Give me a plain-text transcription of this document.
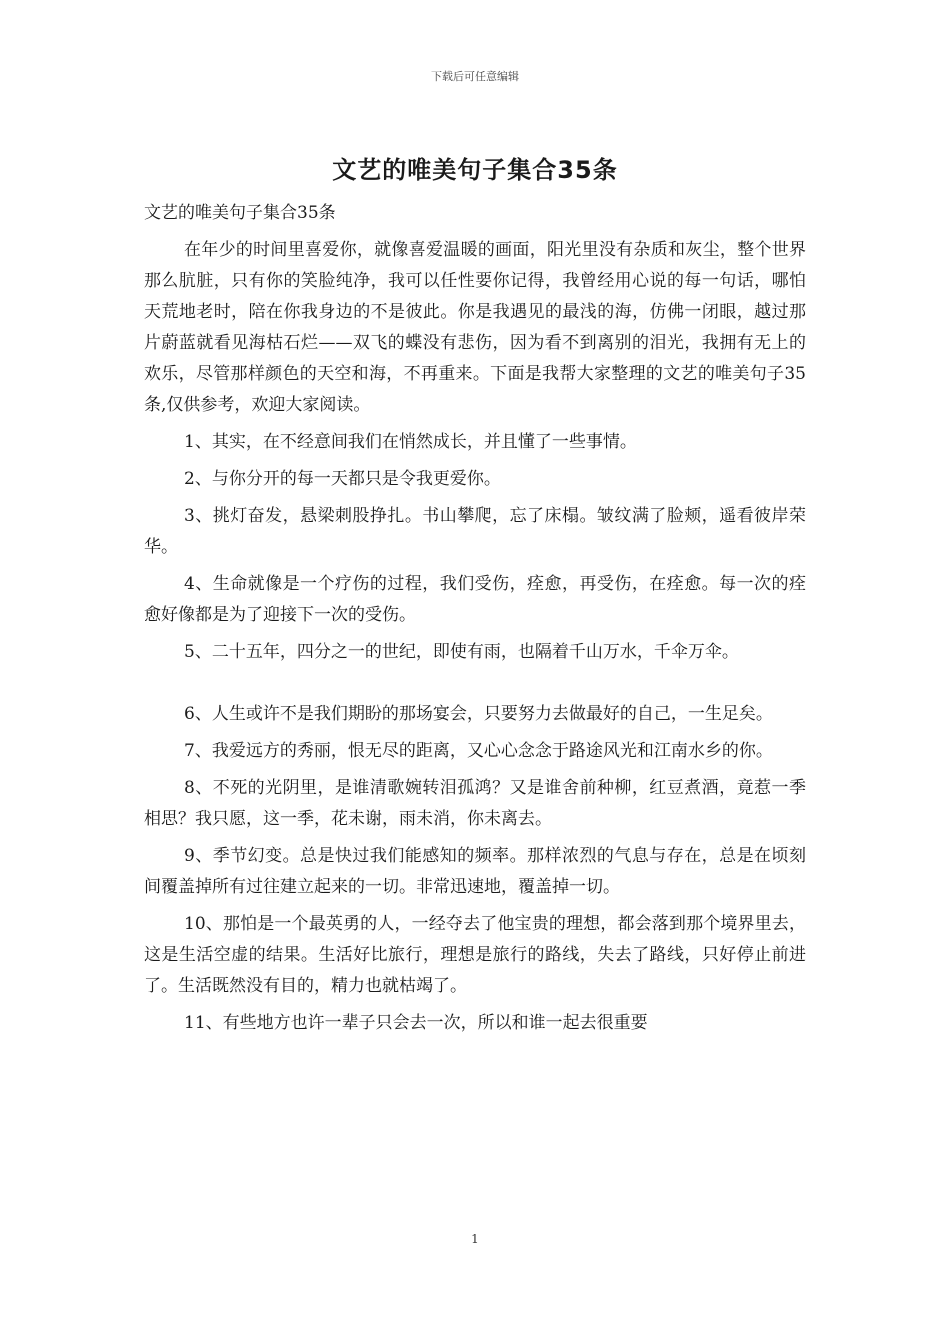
下载后可任意编辑
文艺的唯美句子集合35条

文艺的唯美句子集合35条

在年少的时间里喜爱你，就像喜爱温暖的画面，阳光里没有杂质和灰尘，整个世界那么肮脏，只有你的笑脸纯净，我可以任性要你记得，我曾经用心说的每一句话，哪怕天荒地老时，陪在你我身边的不是彼此。你是我遇见的最浅的海，仿佛一闭眼，越过那片蔚蓝就看见海枯石烂——双飞的蝶没有悲伤，因为看不到离别的泪光，我拥有无上的欢乐，尽管那样颜色的天空和海，不再重来。下面是我帮大家整理的文艺的唯美句子35条,仅供参考，欢迎大家阅读。

1、其实，在不经意间我们在悄然成长，并且懂了一些事情。

2、与你分开的每一天都只是令我更爱你。

3、挑灯奋发，悬梁刺股挣扎。书山攀爬，忘了床榻。皱纹满了脸颊，遥看彼岸荣华。

4、生命就像是一个疗伤的过程，我们受伤，痊愈，再受伤，在痊愈。每一次的痊愈好像都是为了迎接下一次的受伤。

5、二十五年，四分之一的世纪，即使有雨，也隔着千山万水，千伞万伞。

6、人生或许不是我们期盼的那场宴会，只要努力去做最好的自己，一生足矣。

7、我爱远方的秀丽，恨无尽的距离，又心心念念于路途风光和江南水乡的你。

8、不死的光阴里，是谁清歌婉转泪孤鸿？又是谁舍前种柳，红豆煮酒，竟惹一季相思？我只愿，这一季，花未谢，雨未消，你未离去。

9、季节幻变。总是快过我们能感知的频率。那样浓烈的气息与存在，总是在顷刻间覆盖掉所有过往建立起来的一切。非常迅速地，覆盖掉一切。

10、那怕是一个最英勇的人，一经夺去了他宝贵的理想，都会落到那个境界里去，这是生活空虚的结果。生活好比旅行，理想是旅行的路线，失去了路线，只好停止前进了。生活既然没有目的，精力也就枯竭了。

11、有些地方也许一辈子只会去一次，所以和谁一起去很重要

1
